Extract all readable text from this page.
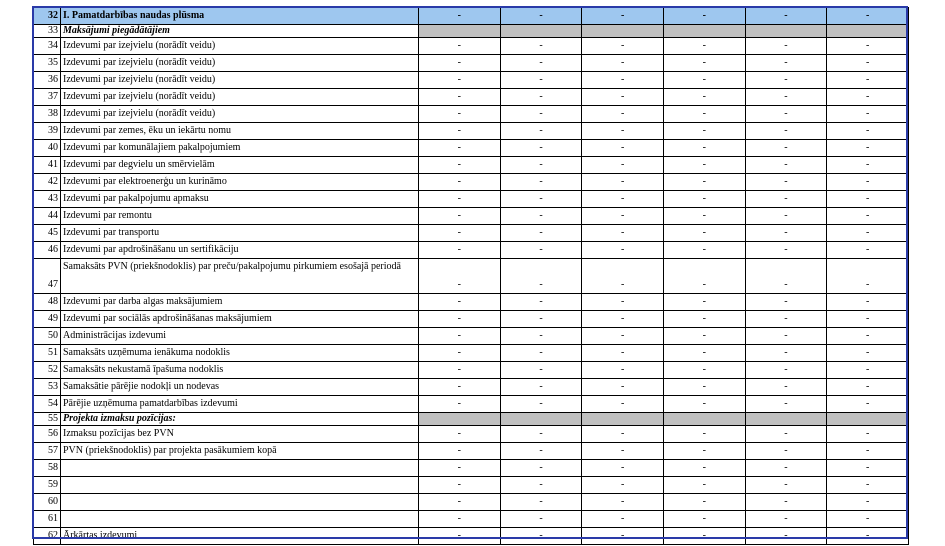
32	I. Pamatdarbības naudas plūsma	-	-	-	-	-	-
33	Maksājumi piegādātājiem						
34	Izdevumi par izejvielu (norādīt veidu)	-	-	-	-	-	-
35	Izdevumi par izejvielu (norādīt veidu)	-	-	-	-	-	-
36	Izdevumi par izejvielu (norādīt veidu)	-	-	-	-	-	-
37	Izdevumi par izejvielu (norādīt veidu)	-	-	-	-	-	-
38	Izdevumi par izejvielu (norādīt veidu)	-	-	-	-	-	-
39	Izdevumi par zemes, ēku un iekārtu nomu	-	-	-	-	-	-
40	Izdevumi par komunālajiem pakalpojumiem	-	-	-	-	-	-
41	Izdevumi par degvielu un smērvielām	-	-	-	-	-	-
42	Izdevumi par elektroenerģu un kurināmo	-	-	-	-	-	-
43	Izdevumi par pakalpojumu apmaksu	-	-	-	-	-	-
44	Izdevumi par remontu	-	-	-	-	-	-
45	Izdevumi par transportu	-	-	-	-	-	-
46	Izdevumi par apdrošināšanu un sertifikāciju	-	-	-	-	-	-
47	Samaksāts PVN (priekšnodoklis) par preču/pakalpojumu pirkumiem esošajā periodā	-	-	-	-	-	-
48	Izdevumi par darba algas maksājumiem	-	-	-	-	-	-
49	Izdevumi par sociālās apdrošināšanas maksājumiem	-	-	-	-	-	-
50	Administrācijas izdevumi	-	-	-	-	-	-
51	Samaksāts uzņēmuma ienākuma nodoklis	-	-	-	-	-	-
52	Samaksāts nekustamā īpašuma nodoklis	-	-	-	-	-	-
53	Samaksātie pārējie nodokļi un nodevas	-	-	-	-	-	-
54	Pārējie uzņēmuma pamatdarbības izdevumi	-	-	-	-	-	-
55	Projekta izmaksu pozīcijas:						
56	Izmaksu pozīcijas bez PVN	-	-	-	-	-	-
57	PVN (priekšnodoklis) par projekta pasākumiem kopā	-	-	-	-	-	-
58		-	-	-	-	-	-
59		-	-	-	-	-	-
60		-	-	-	-	-	-
61		-	-	-	-	-	-
62	Ārkārtas izdevumi	-	-	-	-	-	-
